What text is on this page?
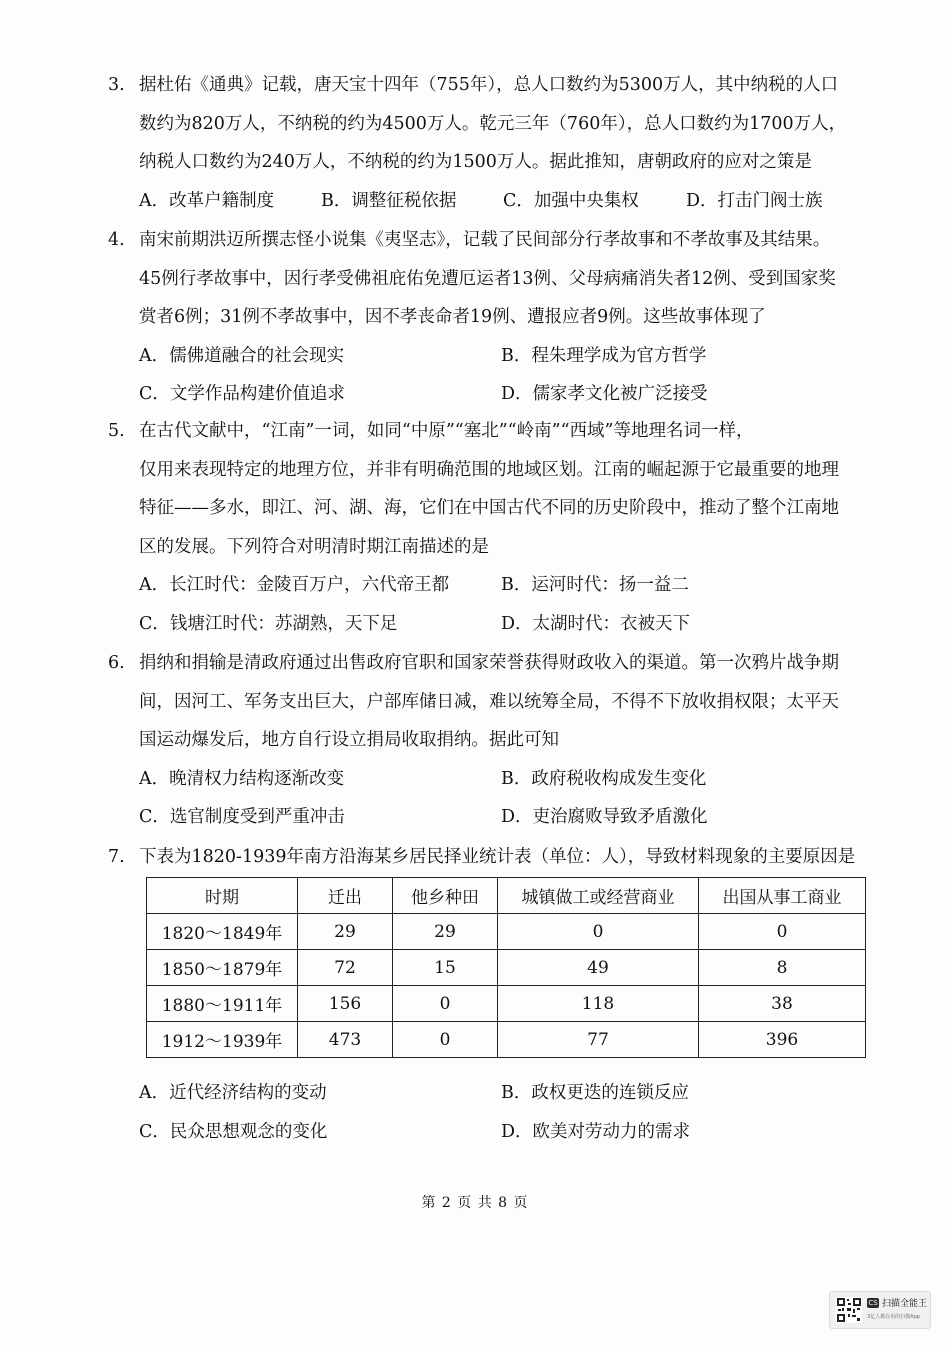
3. 据杜佑《通典》记载，唐天宝十四年（755年），总人口数约为5300万人，其中纳税的人口
数约为820万人，不纳税的约为4500万人。乾元三年（760年），总人口数约为1700万人，
纳税人口数约为240万人，不纳税的约为1500万人。据此推知，唐朝政府的应对之策是
A．改革户籍制度	B．调整征税依据	C．加强中央集权	D．打击门阀士族
4. 南宋前期洪迈所撰志怪小说集《夷坚志》，记载了民间部分行孝故事和不孝故事及其结果。
45例行孝故事中，因行孝受佛祖庇佑免遭厄运者13例、父母病痛消失者12例、受到国家奖
赏者6例；31例不孝故事中，因不孝丧命者19例、遭报应者9例。这些故事体现了
A．儒佛道融合的社会现实	B．程朱理学成为官方哲学
C．文学作品构建价值追求	D．儒家孝文化被广泛接受
5. 在古代文献中，“江南”一词，如同“中原”“塞北”“岭南”“西域”等地理名词一样，
仅用来表现特定的地理方位，并非有明确范围的地域区划。江南的崛起源于它最重要的地理
特征——多水，即江、河、湖、海，它们在中国古代不同的历史阶段中，推动了整个江南地
区的发展。下列符合对明清时期江南描述的是
A．长江时代：金陵百万户，六代帝王都	B．运河时代：扬一益二
C．钱塘江时代：苏湖熟，天下足	D．太湖时代：衣被天下
6. 捐纳和捐输是清政府通过出售政府官职和国家荣誉获得财政收入的渠道。第一次鸦片战争期
间，因河工、军务支出巨大，户部库储日减，难以统筹全局，不得不下放收捐权限；太平天
国运动爆发后，地方自行设立捐局收取捐纳。据此可知
A．晚清权力结构逐渐改变	B．政府税收构成发生变化
C．选官制度受到严重冲击	D．吏治腐败导致矛盾激化
7. 下表为1820-1939年南方沿海某乡居民择业统计表（单位：人），导致材料现象的主要原因是
时期	迁出	他乡种田	城镇做工或经营商业	出国从事工商业
1820～1849年	29	29	0	0
1850～1879年	72	15	49	8
1880～1911年	156	0	118	38
1912～1939年	473	0	77	396
A．近代经济结构的变动	B．政权更迭的连锁反应
C．民众思想观念的变化	D．欧美对劳动力的需求
第 2 页 共 8 页
CS 扫描全能王
3亿人都在用的扫描App
